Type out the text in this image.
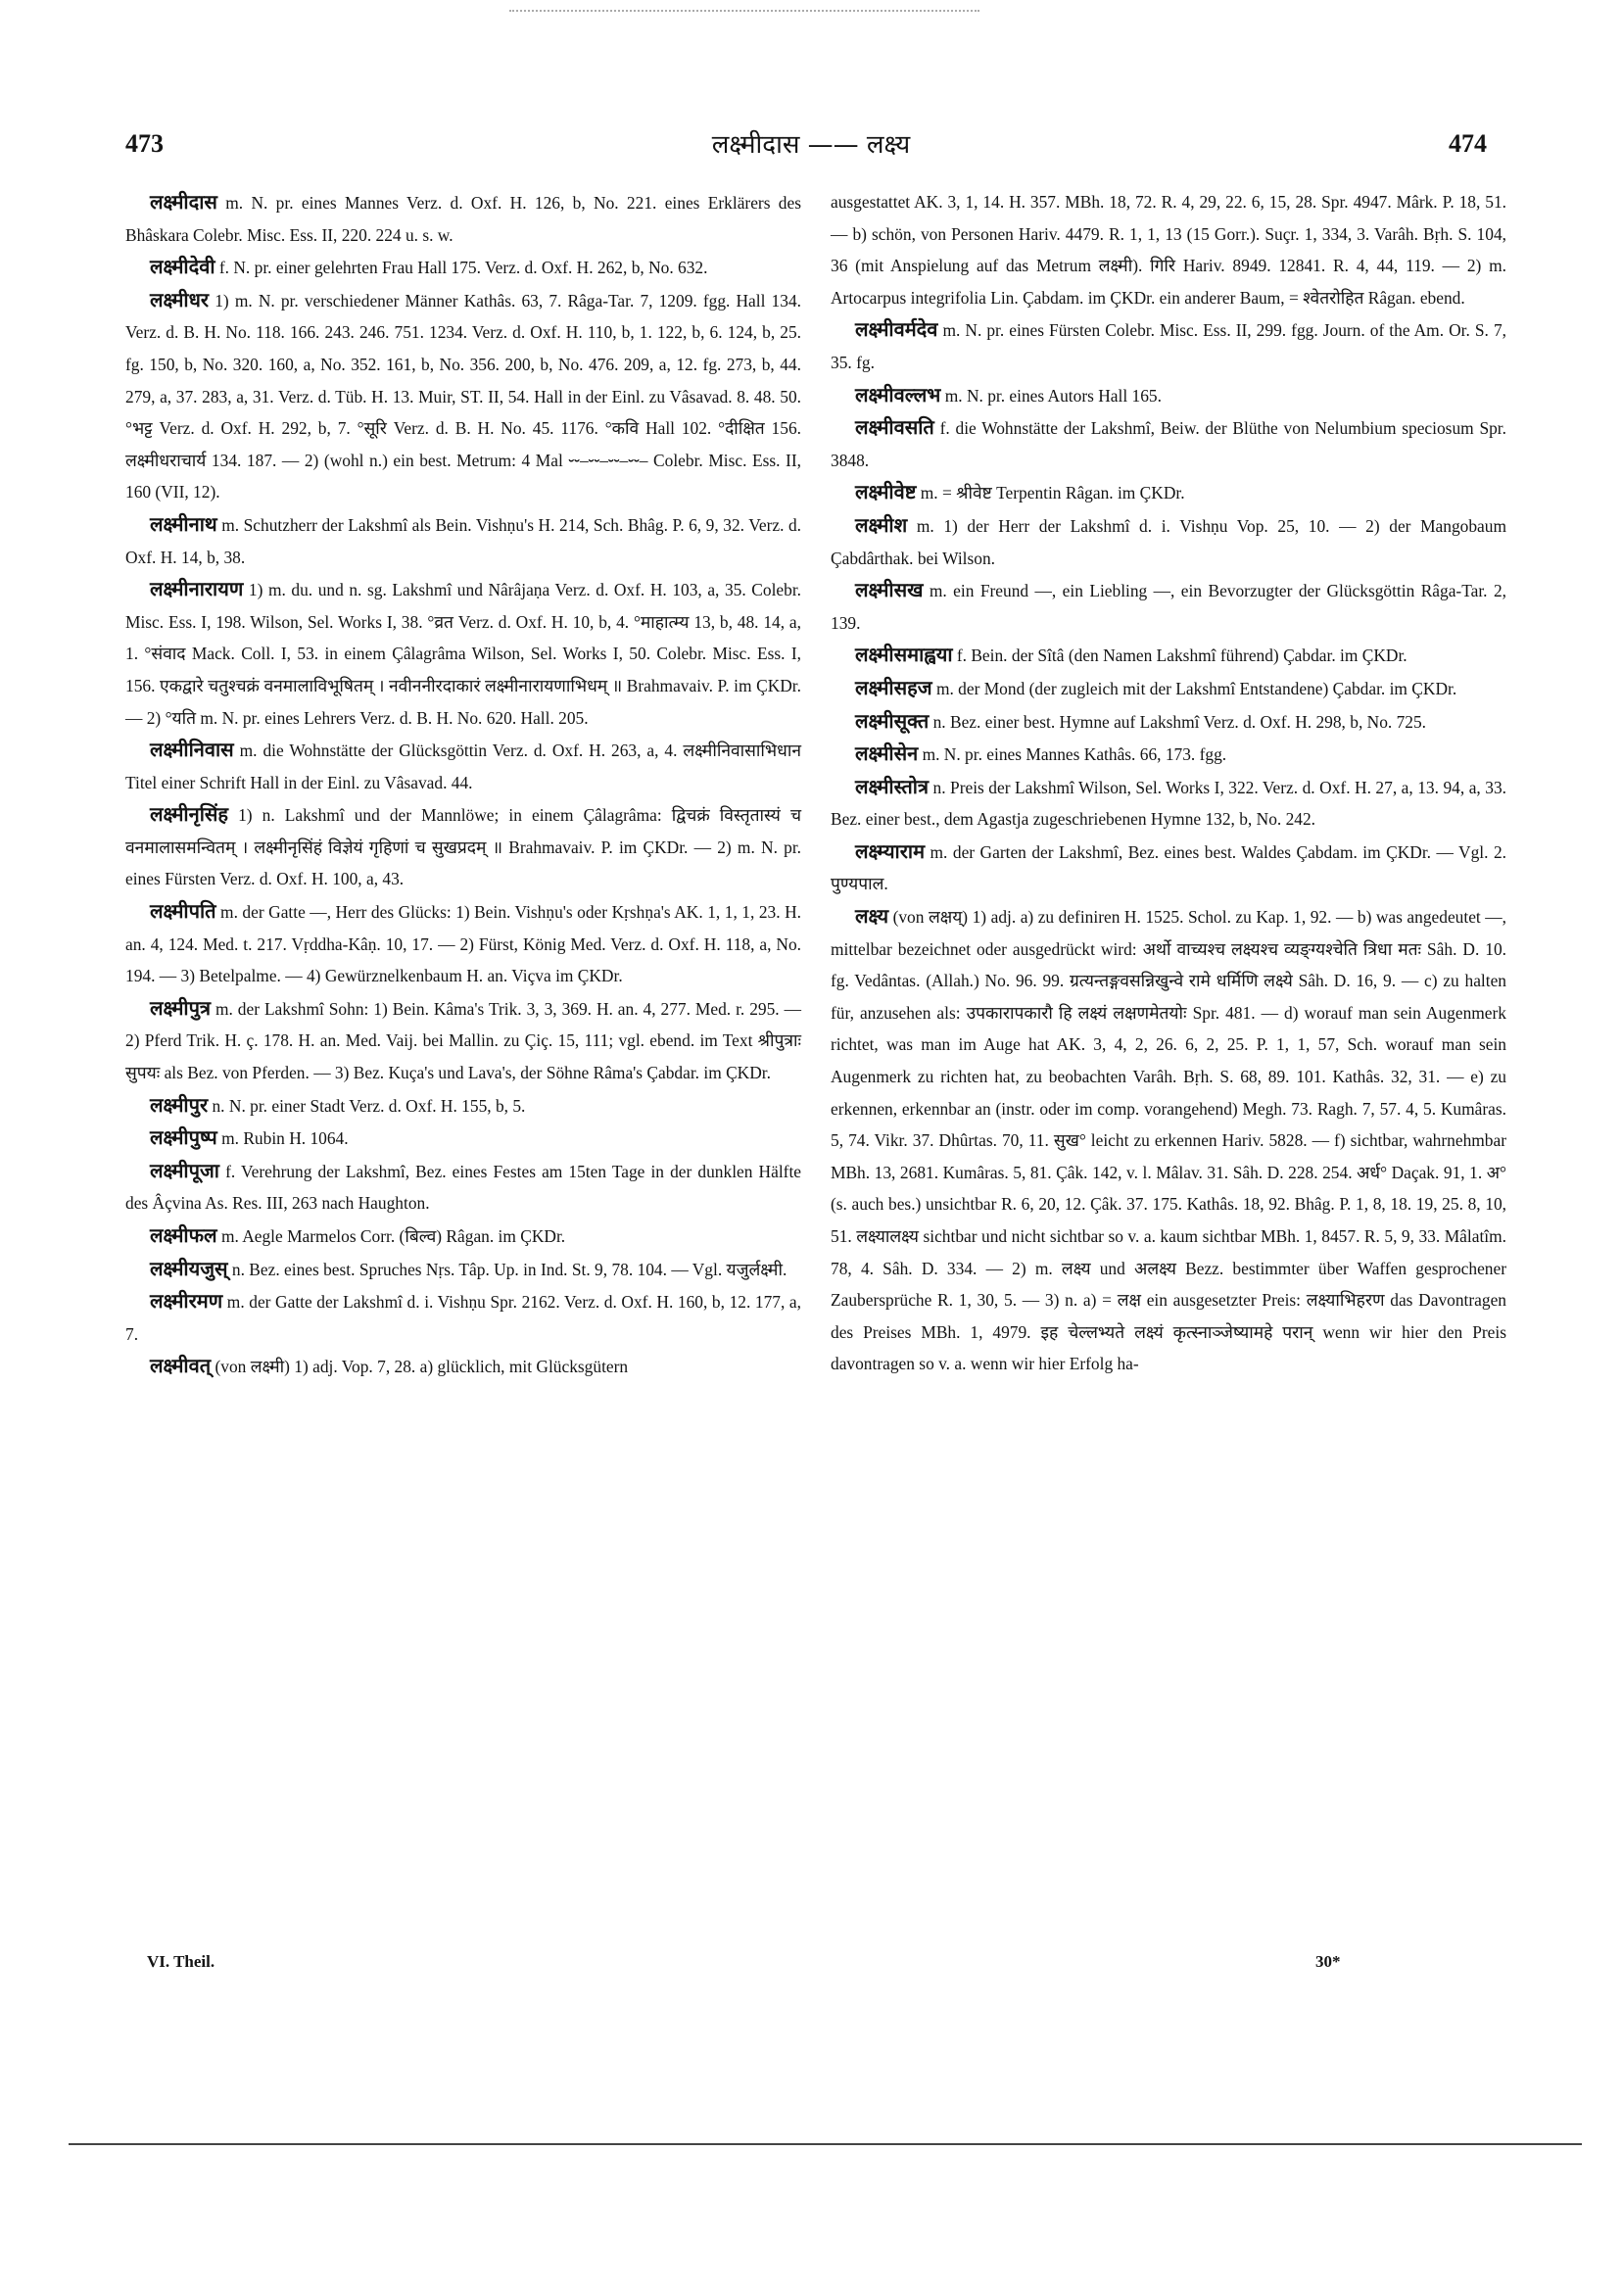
473	लक्ष्मीदास —— लक्ष्य	474

लक्ष्मीदास m. N. pr. eines Mannes Verz. d. Oxf. H. 126, b, No. 221. eines Erklärers des Bhâskara Colebr. Misc. Ess. II, 220. 224 u. s. w.

लक्ष्मीदेवी f. N. pr. einer gelehrten Frau Hall 175. Verz. d. Oxf. H. 262, b, No. 632.

लक्ष्मीधर 1) m. N. pr. verschiedener Männer Kathâs. 63, 7. Râga-Tar. 7, 1209. fgg. Hall 134. Verz. d. B. H. No. 118. 166. 243. 246. 751. 1234. Verz. d. Oxf. H. 110, b, 1. 122, b, 6. 124, b, 25. fg. 150, b, No. 320. 160, a, No. 352. 161, b, No. 356. 200, b, No. 476. 209, a, 12. fg. 273, b, 44. 279, a, 37. 283, a, 31. Verz. d. Tüb. H. 13. Muir, ST. II, 54. Hall in der Einl. zu Vâsavad. 8. 48. 50. °भट्ट Verz. d. Oxf. H. 292, b, 7. °सूरि Verz. d. B. H. No. 45. 1176. °कवि Hall 102. °दीक्षित 156. लक्ष्मीधराचार्य 134. 187. — 2) (wohl n.) ein best. Metrum: 4 Mal ⏑⏑–⏑⏑–⏑⏑–⏑⏑– Colebr. Misc. Ess. II, 160 (VII, 12).

लक्ष्मीनाथ m. Schutzherr der Lakshmî als Bein. Vishṇu's H. 214, Sch. Bhâg. P. 6, 9, 32. Verz. d. Oxf. H. 14, b, 38.

लक्ष्मीनारायण 1) m. du. und n. sg. Lakshmî und Nârâjaṇa Verz. d. Oxf. H. 103, a, 35. Colebr. Misc. Ess. I, 198. Wilson, Sel. Works I, 38. °व्रत Verz. d. Oxf. H. 10, b, 4. °माहात्म्य 13, b, 48. 14, a, 1. °संवाद Mack. Coll. I, 53. in einem Çâlagrâma Wilson, Sel. Works I, 50. Colebr. Misc. Ess. I, 156. एकद्वारे चतुश्चक्रं वनमालाविभूषितम् । नवीननीरदाकारं लक्ष्मीनारायणाभिधम् ॥ Brahmavaiv. P. im ÇKDr. — 2) °यति m. N. pr. eines Lehrers Verz. d. B. H. No. 620. Hall. 205.

लक्ष्मीनिवास m. die Wohnstätte der Glücksgöttin Verz. d. Oxf. H. 263, a, 4. लक्ष्मीनिवासाभिधान Titel einer Schrift Hall in der Einl. zu Vâsavad. 44.

लक्ष्मीनृसिंह 1) n. Lakshmî und der Mannlöwe; in einem Çâlagrâma: द्विचक्रं विस्तृतास्यं च वनमालासमन्वितम् । लक्ष्मीनृसिंहं विज्ञेयं गृहिणां च सुखप्रदम् ॥ Brahmavaiv. P. im ÇKDr. — 2) m. N. pr. eines Fürsten Verz. d. Oxf. H. 100, a, 43.

लक्ष्मीपति m. der Gatte —, Herr des Glücks: 1) Bein. Vishṇu's oder Kṛshṇa's AK. 1, 1, 1, 23. H. an. 4, 124. Med. t. 217. Vṛddha-Kâṇ. 10, 17. — 2) Fürst, König Med. Verz. d. Oxf. H. 118, a, No. 194. — 3) Betelpalme. — 4) Gewürznelkenbaum H. an. Viçva im ÇKDr.

लक्ष्मीपुत्र m. der Lakshmî Sohn: 1) Bein. Kâma's Trik. 3, 3, 369. H. an. 4, 277. Med. r. 295. — 2) Pferd Trik. H. ç. 178. H. an. Med. Vaij. bei Mallin. zu Çiç. 15, 111; vgl. ebend. im Text श्रीपुत्राः सुपयः als Bez. von Pferden. — 3) Bez. Kuça's und Lava's, der Söhne Râma's Çabdar. im ÇKDr.

लक्ष्मीपुर n. N. pr. einer Stadt Verz. d. Oxf. H. 155, b, 5.

लक्ष्मीपुष्प m. Rubin H. 1064.

लक्ष्मीपूजा f. Verehrung der Lakshmî, Bez. eines Festes am 15ten Tage in der dunklen Hälfte des Âçvina As. Res. III, 263 nach Haughton.

लक्ष्मीफल m. Aegle Marmelos Corr. (बिल्व) Râgan. im ÇKDr.

लक्ष्मीयजुस् n. Bez. eines best. Spruches Nṛs. Tâp. Up. in Ind. St. 9, 78. 104. — Vgl. यजुर्लक्ष्मी.

लक्ष्मीरमण m. der Gatte der Lakshmî d. i. Vishṇu Spr. 2162. Verz. d. Oxf. H. 160, b, 12. 177, a, 7.

लक्ष्मीवत् (von लक्ष्मी) 1) adj. Vop. 7, 28. a) glücklich, mit Glücksgütern

ausgestattet AK. 3, 1, 14. H. 357. MBh. 18, 72. R. 4, 29, 22. 6, 15, 28. Spr. 4947. Mârk. P. 18, 51. — b) schön, von Personen Hariv. 4479. R. 1, 1, 13 (15 Gorr.). Suçr. 1, 334, 3. Varâh. Bṛh. S. 104, 36 (mit Anspielung auf das Metrum लक्ष्मी). गिरि Hariv. 8949. 12841. R. 4, 44, 119. — 2) m. Artocarpus integrifolia Lin. Çabdam. im ÇKDr. ein anderer Baum, = श्वेतरोहित Râgan. ebend.

लक्ष्मीवर्मदेव m. N. pr. eines Fürsten Colebr. Misc. Ess. II, 299. fgg. Journ. of the Am. Or. S. 7, 35. fg.

लक्ष्मीवल्लभ m. N. pr. eines Autors Hall 165.

लक्ष्मीवसति f. die Wohnstätte der Lakshmî, Beiw. der Blüthe von Nelumbium speciosum Spr. 3848.

लक्ष्मीवेष्ट m. = श्रीवेष्ट Terpentin Râgan. im ÇKDr.

लक्ष्मीश m. 1) der Herr der Lakshmî d. i. Vishṇu Vop. 25, 10. — 2) der Mangobaum Çabdârthak. bei Wilson.

लक्ष्मीसख m. ein Freund —, ein Liebling —, ein Bevorzugter der Glücksgöttin Râga-Tar. 2, 139.

लक्ष्मीसमाह्वया f. Bein. der Sîtâ (den Namen Lakshmî führend) Çabdar. im ÇKDr.

लक्ष्मीसहज m. der Mond (der zugleich mit der Lakshmî Entstandene) Çabdar. im ÇKDr.

लक्ष्मीसूक्त n. Bez. einer best. Hymne auf Lakshmî Verz. d. Oxf. H. 298, b, No. 725.

लक्ष्मीसेन m. N. pr. eines Mannes Kathâs. 66, 173. fgg.

लक्ष्मीस्तोत्र n. Preis der Lakshmî Wilson, Sel. Works I, 322. Verz. d. Oxf. H. 27, a, 13. 94, a, 33. Bez. einer best., dem Agastja zugeschriebenen Hymne 132, b, No. 242.

लक्ष्म्याराम m. der Garten der Lakshmî, Bez. eines best. Waldes Çabdam. im ÇKDr. — Vgl. 2. पुण्यपाल.

लक्ष्य (von लक्षय्) 1) adj. a) zu definiren H. 1525. Schol. zu Kap. 1, 92. — b) was angedeutet —, mittelbar bezeichnet oder ausgedrückt wird: अर्थो वाच्यश्च लक्ष्यश्च व्यङ्ग्यश्चेति त्रिधा मतः Sâh. D. 10. fg. Vedântas. (Allah.) No. 96. 99. ग्रत्यन्तङ्गवसन्निखुन्वे रामे धर्मिणि लक्ष्ये Sâh. D. 16, 9. — c) zu halten für, anzusehen als: उपकारापकारौ हि लक्ष्यं लक्षणमेतयोः Spr. 481. — d) worauf man sein Augenmerk richtet, was man im Auge hat AK. 3, 4, 2, 26. 6, 2, 25. P. 1, 1, 57, Sch. worauf man sein Augenmerk zu richten hat, zu beobachten Varâh. Bṛh. S. 68, 89. 101. Kathâs. 32, 31. — e) zu erkennen, erkennbar an (instr. oder im comp. vorangehend) Megh. 73. Ragh. 7, 57. 4, 5. Kumâras. 5, 74. Vikr. 37. Dhûrtas. 70, 11. सुख° leicht zu erkennen Hariv. 5828. — f) sichtbar, wahrnehmbar MBh. 13, 2681. Kumâras. 5, 81. Çâk. 142, v. l. Mâlav. 31. Sâh. D. 228. 254. अर्ध° Daçak. 91, 1. अ° (s. auch bes.) unsichtbar R. 6, 20, 12. Çâk. 37. 175. Kathâs. 18, 92. Bhâg. P. 1, 8, 18. 19, 25. 8, 10, 51. लक्ष्यालक्ष्य sichtbar und nicht sichtbar so v. a. kaum sichtbar MBh. 1, 8457. R. 5, 9, 33. Mâlatîm. 78, 4. Sâh. D. 334. — 2) m. लक्ष्य und अलक्ष्य Bezz. bestimmter über Waffen gesprochener Zaubersprüche R. 1, 30, 5. — 3) n. a) = लक्ष ein ausgesetzter Preis: लक्ष्याभिहरण das Davontragen des Preises MBh. 1, 4979. इह चेल्लभ्यते लक्ष्यं कृत्स्नाञ्जेष्यामहे परान् wenn wir hier den Preis davontragen so v. a. wenn wir hier Erfolg ha-

VI. Theil.	30*
